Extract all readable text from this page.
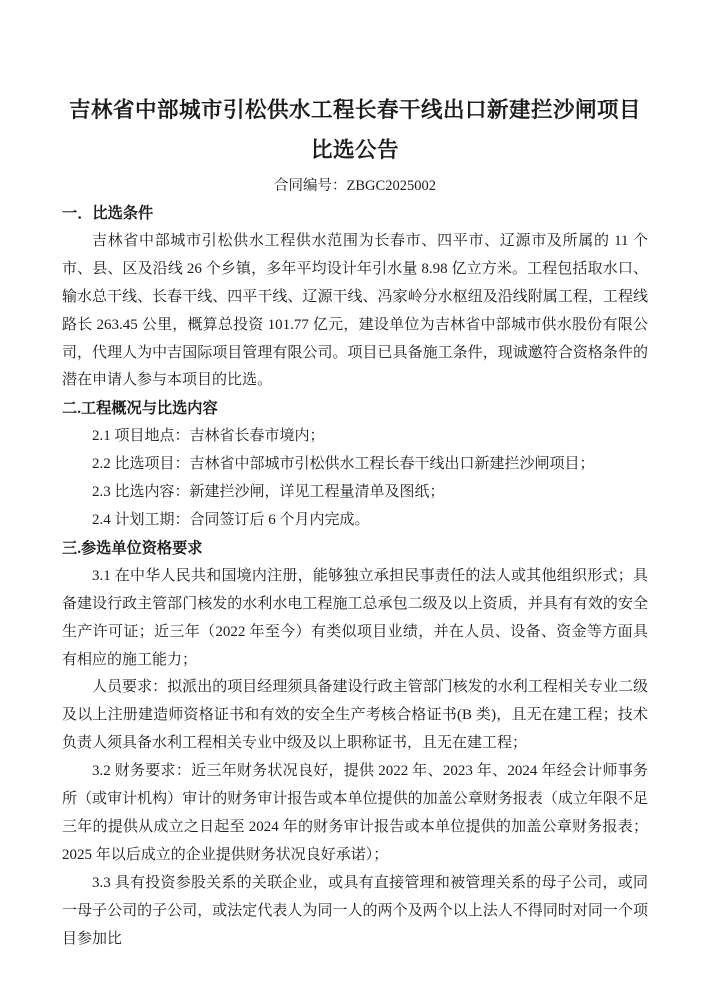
吉林省中部城市引松供水工程长春干线出口新建拦沙闸项目
比选公告
合同编号：ZBGC2025002
一．比选条件

吉林省中部城市引松供水工程供水范围为长春市、四平市、辽源市及所属的 11 个市、县、区及沿线 26 个乡镇，多年平均设计年引水量 8.98 亿立方米。工程包括取水口、输水总干线、长春干线、四平干线、辽源干线、冯家岭分水枢纽及沿线附属工程，工程线路长 263.45 公里，概算总投资 101.77 亿元，建设单位为吉林省中部城市供水股份有限公司，代理人为中吉国际项目管理有限公司。项目已具备施工条件，现诚邀符合资格条件的潜在申请人参与本项目的比选。

二.工程概况与比选内容

2.1 项目地点：吉林省长春市境内；

2.2 比选项目：吉林省中部城市引松供水工程长春干线出口新建拦沙闸项目；

2.3 比选内容：新建拦沙闸，详见工程量清单及图纸；

2.4 计划工期：合同签订后 6 个月内完成。

三.参选单位资格要求

3.1 在中华人民共和国境内注册，能够独立承担民事责任的法人或其他组织形式；具备建设行政主管部门核发的水利水电工程施工总承包二级及以上资质，并具有有效的安全生产许可证；近三年（2022 年至今）有类似项目业绩，并在人员、设备、资金等方面具有相应的施工能力；

人员要求：拟派出的项目经理须具备建设行政主管部门核发的水利工程相关专业二级及以上注册建造师资格证书和有效的安全生产考核合格证书(B 类)，且无在建工程；技术负责人须具备水利工程相关专业中级及以上职称证书，且无在建工程；

3.2 财务要求：近三年财务状况良好，提供 2022 年、2023 年、2024 年经会计师事务所（或审计机构）审计的财务审计报告或本单位提供的加盖公章财务报表（成立年限不足三年的提供从成立之日起至 2024 年的财务审计报告或本单位提供的加盖公章财务报表；2025 年以后成立的企业提供财务状况良好承诺）；

3.3 具有投资参股关系的关联企业，或具有直接管理和被管理关系的母子公司，或同一母子公司的子公司，或法定代表人为同一人的两个及两个以上法人不得同时对同一个项目参加比
